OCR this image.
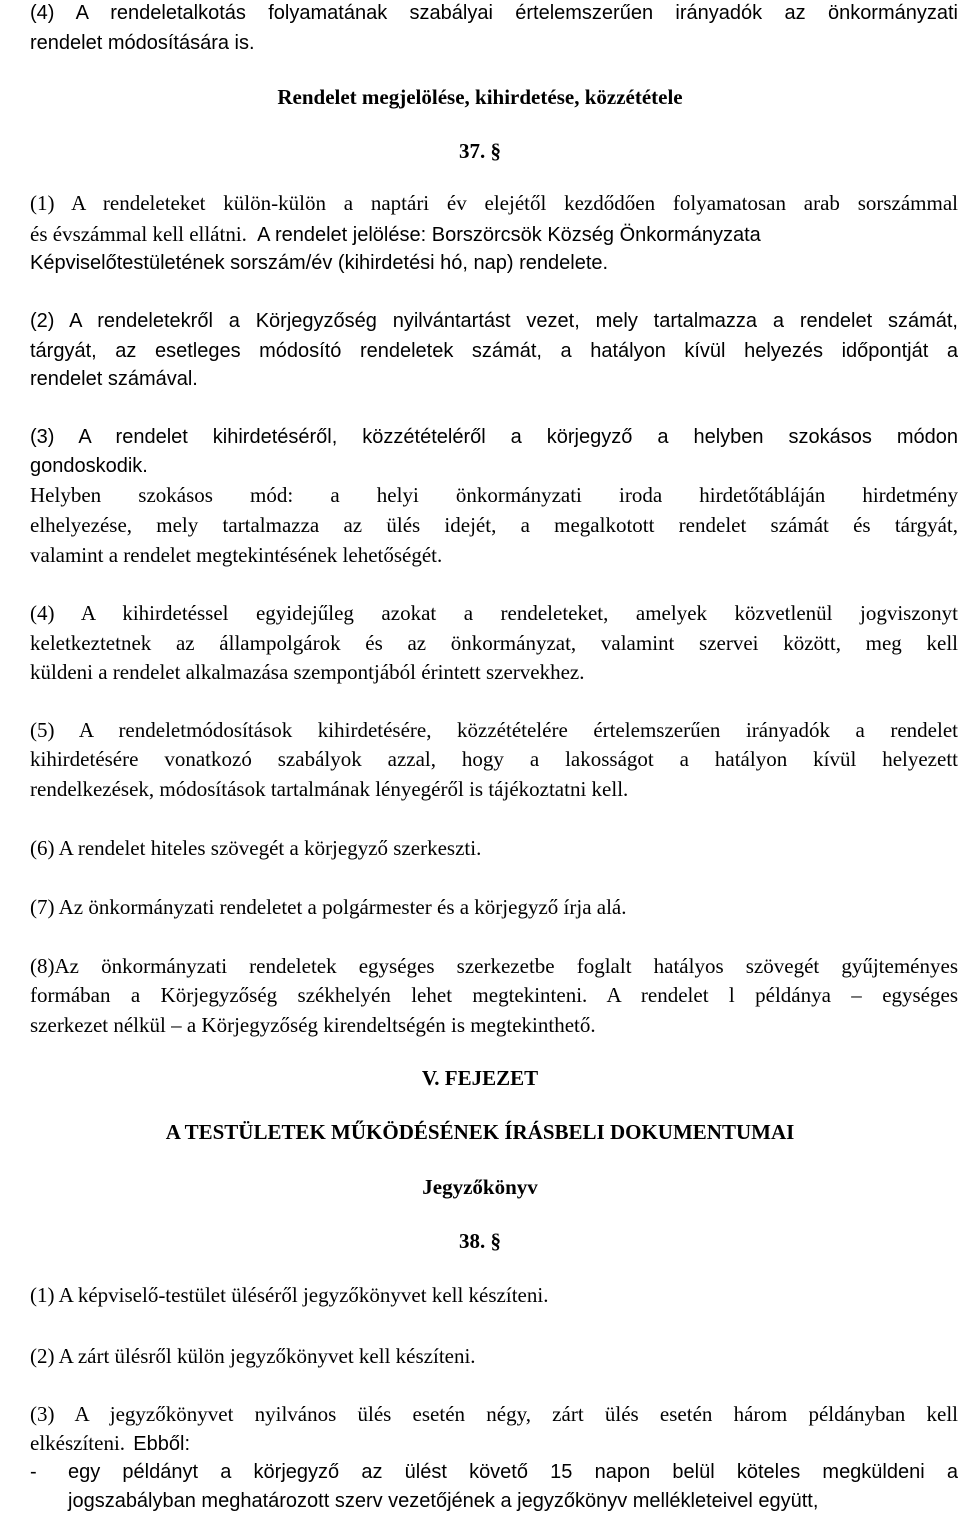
(4) A rendeletalkotás folyamatának szabályai értelemszerűen irányadók az önkormányzati
rendelet módosítására is.
Rendelet megjelölése, kihirdetése, közzététele
37. §
(1) A rendeleteket külön-külön a naptári év elejétől kezdődően folyamatosan arab sorszámmal
és évszámmal kell ellátni. A rendelet jelölése: Borszörcsök Község Önkormányzata
Képviselőtestületének sorszám/év (kihirdetési hó, nap) rendelete.
(2) A rendeletekről a Körjegyzőség nyilvántartást vezet, mely tartalmazza a rendelet számát,
tárgyát, az esetleges módosító rendeletek számát, a hatályon kívül helyezés időpontját a
rendelet számával.
(3) A rendelet kihirdetéséről, közzétételéről a körjegyző a helyben szokásos módon
gondoskodik.
Helyben szokásos mód: a helyi önkormányzati iroda hirdetőtábláján hirdetmény
elhelyezése, mely tartalmazza az ülés idejét, a megalkotott rendelet számát és tárgyát,
valamint a rendelet megtekintésének lehetőségét.
(4) A kihirdetéssel egyidejűleg azokat a rendeleteket, amelyek közvetlenül jogviszonyt
keletkeztetnek az állampolgárok és az önkormányzat, valamint szervei között, meg kell
küldeni a rendelet alkalmazása szempontjából érintett szervekhez.
(5) A rendeletmódosítások kihirdetésére, közzétételére értelemszerűen irányadók a rendelet
kihirdetésére vonatkozó szabályok azzal, hogy a lakosságot a hatályon kívül helyezett
rendelkezések, módosítások tartalmának lényegéről is tájékoztatni kell.
(6) A rendelet hiteles szövegét a körjegyző szerkeszti.
(7) Az önkormányzati rendeletet a polgármester és a körjegyző írja alá.
(8)Az önkormányzati rendeletek egységes szerkezetbe foglalt hatályos szövegét gyűjteményes
formában a Körjegyzőség székhelyén lehet megtekinteni. A rendelet l példánya – egységes
szerkezet nélkül – a Körjegyzőség kirendeltségén is megtekinthető.
V. FEJEZET
A TESTÜLETEK MŰKÖDÉSÉNEK ÍRÁSBELI DOKUMENTUMAI
Jegyzőkönyv
38. §
(1) A képviselő-testület üléséről jegyzőkönyvet kell készíteni.
(2) A zárt ülésről külön jegyzőkönyvet kell készíteni.
(3) A jegyzőkönyvet nyilvános ülés esetén négy, zárt ülés esetén három példányban kell
elkészíteni. Ebből:
-	egy példányt a körjegyző az ülést követő 15 napon belül köteles megküldeni a
jogszabályban meghatározott szerv vezetőjének a jegyzőkönyv mellékleteivel együtt,
